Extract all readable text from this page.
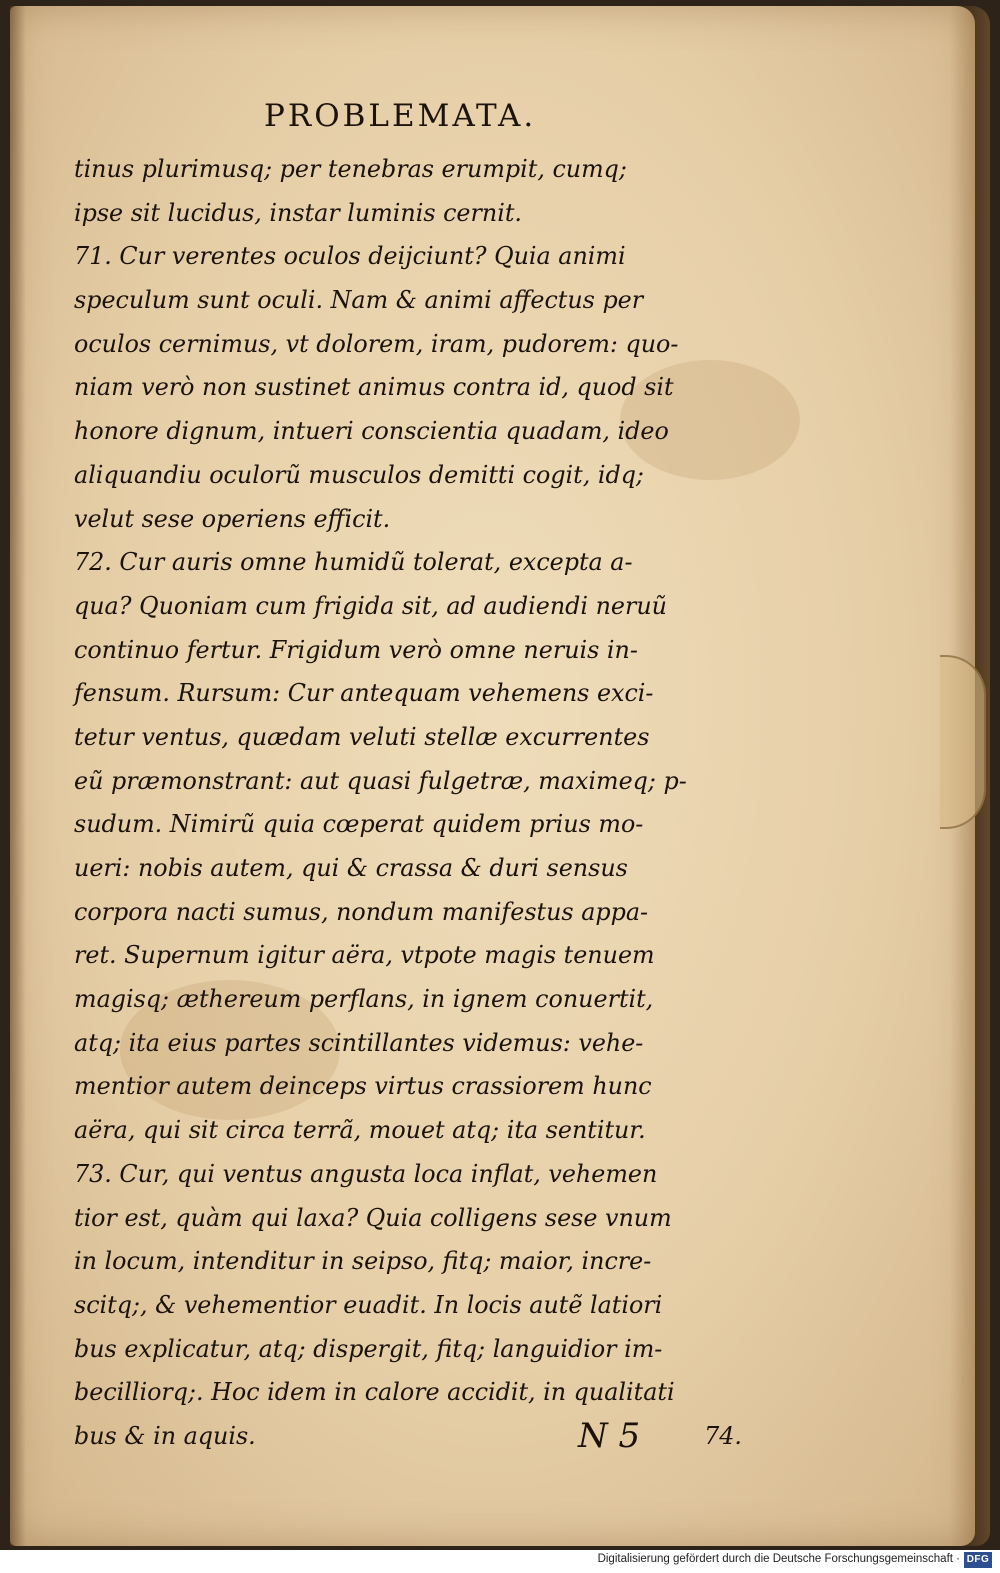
PROBLEMATA.
tinus plurimusq; per tenebras erumpit, cumq;
ipse sit lucidus, instar luminis cernit.
71. Cur verentes oculos deijciunt? Quia animi
speculum sunt oculi. Nam & animi affectus per
oculos cernimus, vt dolorem, iram, pudorem: quo-
niam verò non sustinet animus contra id, quod sit
honore dignum, intueri conscientia quadam, ideo
aliquandiu oculorũ musculos demitti cogit, idq;
velut sese operiens efficit.
72. Cur auris omne humidũ tolerat, excepta a-
qua? Quoniam cum frigida sit, ad audiendi neruũ
continuo fertur. Frigidum verò omne neruis in-
fensum. Rursum: Cur antequam vehemens exci-
tetur ventus, quædam veluti stellæ excurrentes
eũ præmonstrant: aut quasi fulgetræ, maximeq; p-
sudum. Nimirũ quia cœperat quidem prius mo-
ueri: nobis autem, qui & crassa & duri sensus
corpora nacti sumus, nondum manifestus appa-
ret. Supernum igitur aëra, vtpote magis tenuem
magisq; æthereum perflans, in ignem conuertit,
atq; ita eius partes scintillantes videmus: vehe-
mentior autem deinceps virtus crassiorem hunc
aëra, qui sit circa terrã, mouet atq; ita sentitur.
73. Cur, qui ventus angusta loca inflat, vehemen
tior est, quàm qui laxa? Quia colligens sese vnum
in locum, intenditur in seipso, fitq; maior, incre-
scitq;, & vehementior euadit. In locis autẽ latiori
bus explicatur, atq; dispergit, fitq; languidior im-
becilliorq;. Hoc idem in calore accidit, in qualitati
bus & in aquis.	N 5	74.
Digitalisierung gefördert durch die Deutsche Forschungsgemeinschaft · DFG
